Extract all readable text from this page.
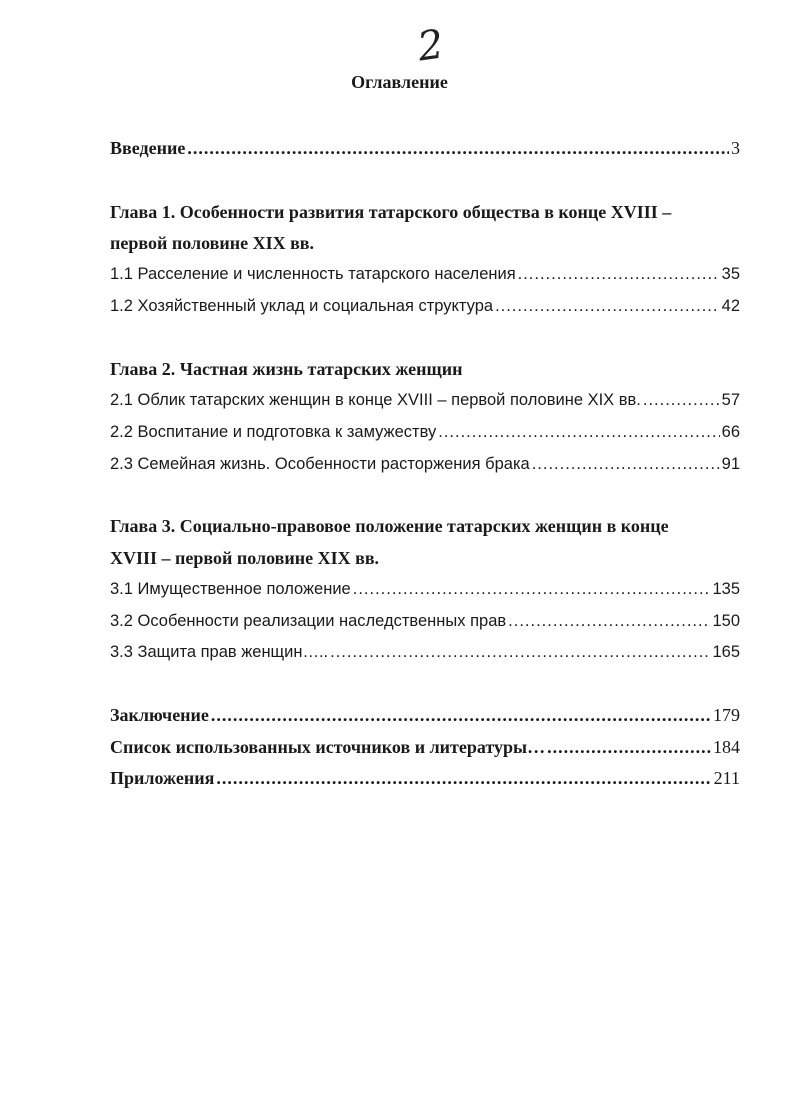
2
Оглавление
Введение .....	3
Глава 1. Особенности развития татарского общества в конце XVIII –
первой половине XIX вв.
1.1 Расселение и численность татарского населения .....	35
1.2 Хозяйственный уклад и социальная структура .....	42
Глава 2. Частная жизнь татарских женщин
2.1 Облик татарских женщин в конце XVIII – первой половине XIX вв. .....	57
2.2 Воспитание и подготовка к замужеству .....	66
2.3 Семейная жизнь. Особенности расторжения брака .....	91
Глава 3. Социально-правовое положение татарских женщин в конце
XVIII – первой половине XIX вв.
3.1 Имущественное положение .....	135
3.2 Особенности реализации наследственных прав .....	150
3.3 Защита прав женщин….. .....	165
Заключение .....	179
Список использованных источников и литературы… .....	184
Приложения .....	211
